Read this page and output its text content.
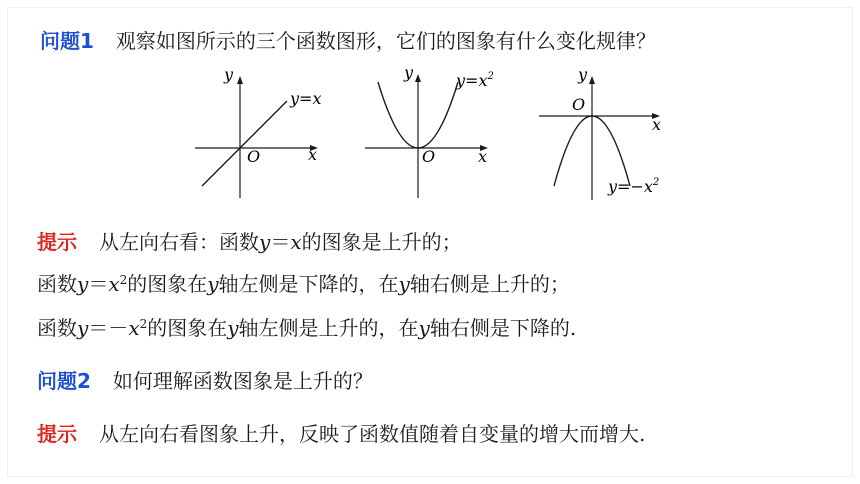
问题1 观察如图所示的三个函数图形，它们的图象有什么变化规律？
y
x
O
y=x
y
x
O
$y=x^2$	y
x
O
$y=-x^2$
提示 从左向右看：函数y＝x的图象是上升的；
函数$y=x^2$的图象在y轴左侧是下降的，在y轴右侧是上升的；
函数$y=-x^2$的图象在y轴左侧是上升的，在y轴右侧是下降的.
问题2 如何理解函数图象是上升的？
提示 从左向右看图象上升，反映了函数值随着自变量的增大而增大.
